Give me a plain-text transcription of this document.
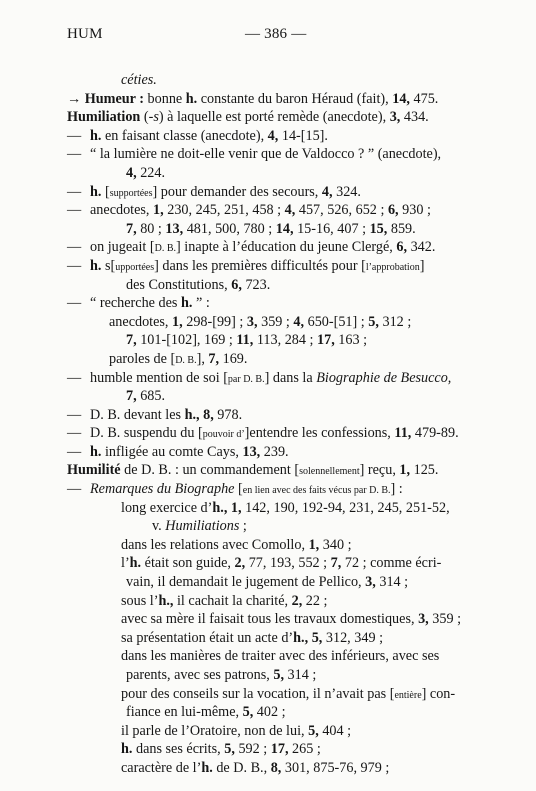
HUM	— 386 —
céties.
→ Humeur : bonne h. constante du baron Héraud (fait), 14, 475.
Humiliation (-s) à laquelle est porté remède (anecdote), 3, 434.
— h. en faisant classe (anecdote), 4, 14-[15].
— “ la lumière ne doit-elle venir que de Valdocco ? ” (anecdote),
4, 224.
— h. [supportées] pour demander des secours, 4, 324.
— anecdotes, 1, 230, 245, 251, 458 ; 4, 457, 526, 652 ; 6, 930 ;
7, 80 ; 13, 481, 500, 780 ; 14, 15-16, 407 ; 15, 859.
— on jugeait [D. B.] inapte à l’éducation du jeune Clergé, 6, 342.
— h. s[upportées] dans les premières difficultés pour [l’approbation]
des Constitutions, 6, 723.
— “ recherche des h. ” :
anecdotes, 1, 298-[99] ; 3, 359 ; 4, 650-[51] ; 5, 312 ;
7, 101-[102], 169 ; 11, 113, 284 ; 17, 163 ;
paroles de [D. B.], 7, 169.
— humble mention de soi [par D. B.] dans la Biographie de Besucco,
7, 685.
— D. B. devant les h., 8, 978.
— D. B. suspendu du [pouvoir d’]entendre les confessions, 11, 479-89.
— h. infligée au comte Cays, 13, 239.
Humilité de D. B. : un commandement [solennellement] reçu, 1, 125.
— Remarques du Biographe [en lien avec des faits vécus par D. B.] :
long exercice d’h., 1, 142, 190, 192-94, 231, 245, 251-52,
v. Humiliations ;
dans les relations avec Comollo, 1, 340 ;
l’h. était son guide, 2, 77, 193, 552 ; 7, 72 ; comme écri-
vain, il demandait le jugement de Pellico, 3, 314 ;
sous l’h., il cachait la charité, 2, 22 ;
avec sa mère il faisait tous les travaux domestiques, 3, 359 ;
sa présentation était un acte d’h., 5, 312, 349 ;
dans les manières de traiter avec des inférieurs, avec ses
parents, avec ses patrons, 5, 314 ;
pour des conseils sur la vocation, il n’avait pas [entière] con-
fiance en lui-même, 5, 402 ;
il parle de l’Oratoire, non de lui, 5, 404 ;
h. dans ses écrits, 5, 592 ; 17, 265 ;
caractère de l’h. de D. B., 8, 301, 875-76, 979 ;
